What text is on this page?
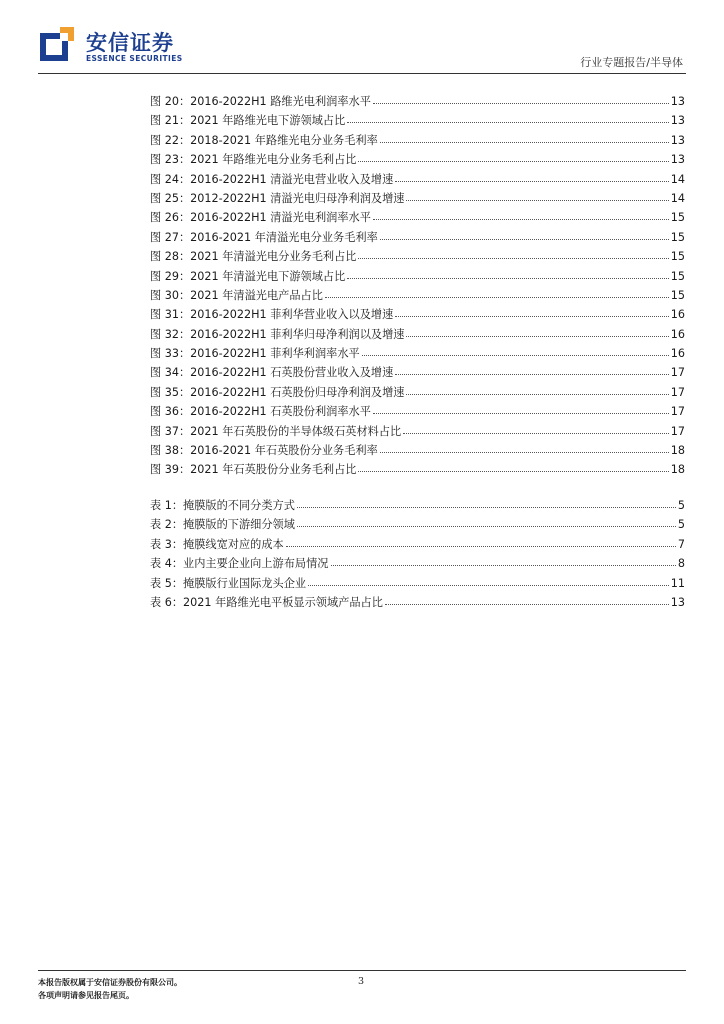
安信证券
ESSENCE SECURITIES	行业专题报告/半导体
图 20：2016-2022H1 路维光电利润率水平	13
图 21：2021 年路维光电下游领域占比	13
图 22：2018-2021 年路维光电分业务毛利率	13
图 23：2021 年路维光电分业务毛利占比	13
图 24：2016-2022H1 清溢光电营业收入及增速	14
图 25：2012-2022H1 清溢光电归母净利润及增速	14
图 26：2016-2022H1 清溢光电利润率水平	15
图 27：2016-2021 年清溢光电分业务毛利率	15
图 28：2021 年清溢光电分业务毛利占比	15
图 29：2021 年清溢光电下游领域占比	15
图 30：2021 年清溢光电产品占比	15
图 31：2016-2022H1 菲利华营业收入以及增速	16
图 32：2016-2022H1 菲利华归母净利润以及增速	16
图 33：2016-2022H1 菲利华利润率水平	16
图 34：2016-2022H1 石英股份营业收入及增速	17
图 35：2016-2022H1 石英股份归母净利润及增速	17
图 36：2016-2022H1 石英股份利润率水平	17
图 37：2021 年石英股份的半导体级石英材料占比	17
图 38：2016-2021 年石英股份分业务毛利率	18
图 39：2021 年石英股份分业务毛利占比	18
表 1：掩膜版的不同分类方式	5
表 2：掩膜版的下游细分领域	5
表 3：掩膜线宽对应的成本	7
表 4：业内主要企业向上游布局情况	8
表 5：掩膜版行业国际龙头企业	11
表 6：2021 年路维光电平板显示领域产品占比	13
本报告版权属于安信证券股份有限公司。
各项声明请参见报告尾页。
3
